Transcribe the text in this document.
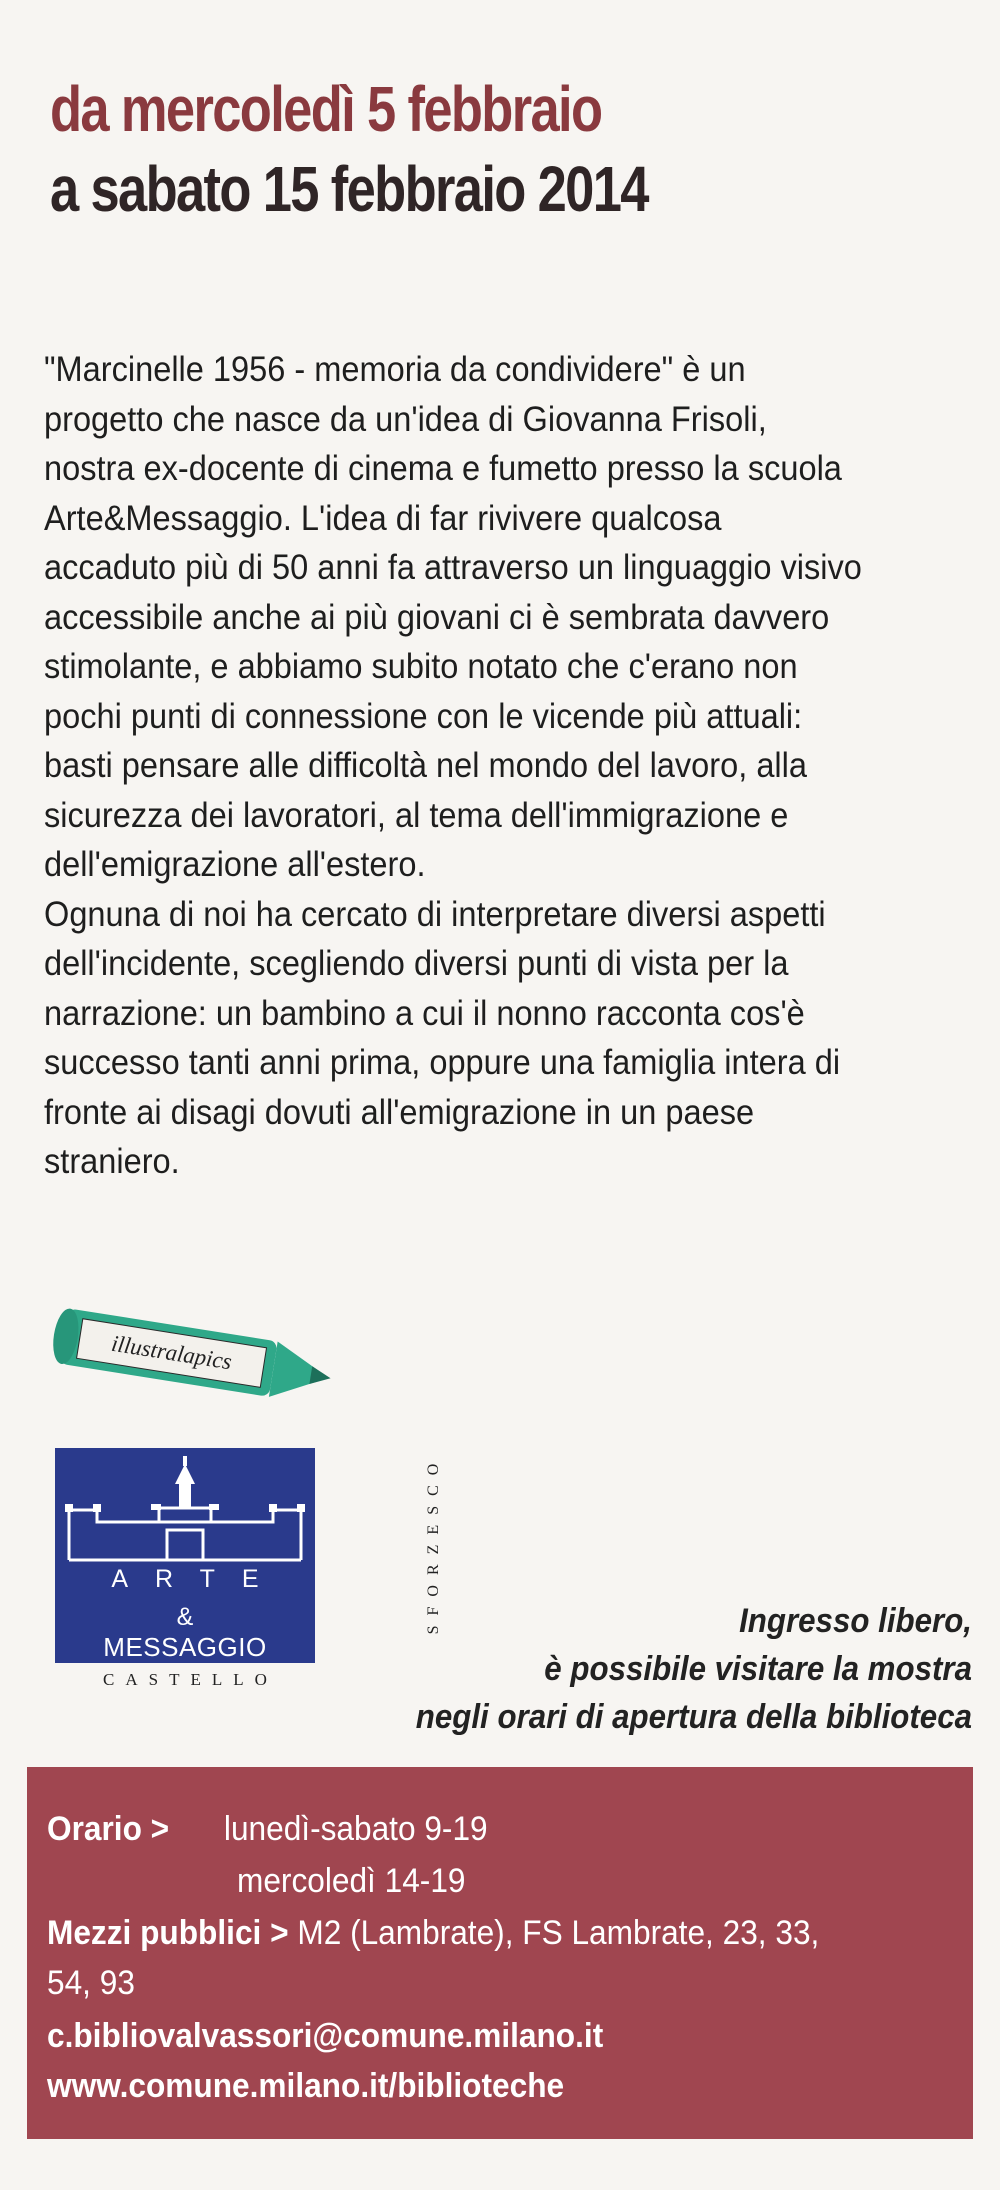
da mercoledì 5 febbraio
a sabato 15 febbraio 2014

"Marcinelle 1956 - memoria da condividere" è un
progetto che nasce da un'idea di Giovanna Frisoli,
nostra ex-docente di cinema e fumetto presso la scuola
Arte&Messaggio. L'idea di far rivivere qualcosa
accaduto più di 50 anni fa attraverso un linguaggio visivo
accessibile anche ai più giovani ci è sembrata davvero
stimolante, e abbiamo subito notato che c'erano non
pochi punti di connessione con le vicende più attuali:
basti pensare alle difficoltà nel mondo del lavoro, alla
sicurezza dei lavoratori, al tema dell'immigrazione e
dell'emigrazione all'estero.

Ognuna di noi ha cercato di interpretare diversi aspetti
dell'incidente, scegliendo diversi punti di vista per la
narrazione: un bambino a cui il nonno racconta cos'è
successo tanti anni prima, oppure una famiglia intera di
fronte ai disagi dovuti all'emigrazione in un paese
straniero.

illustralapics
ARTE
&
MESSAGGIO
CASTELLO
SFORZESCO	Ingresso libero,
è possibile visitare la mostra
negli orari di apertura della biblioteca
Orario > lunedì-sabato 9-19
mercoledì 14-19
Mezzi pubblici > M2 (Lambrate), FS Lambrate, 23, 33,
54, 93
c.bibliovalvassori@comune.milano.it
www.comune.milano.it/biblioteche
